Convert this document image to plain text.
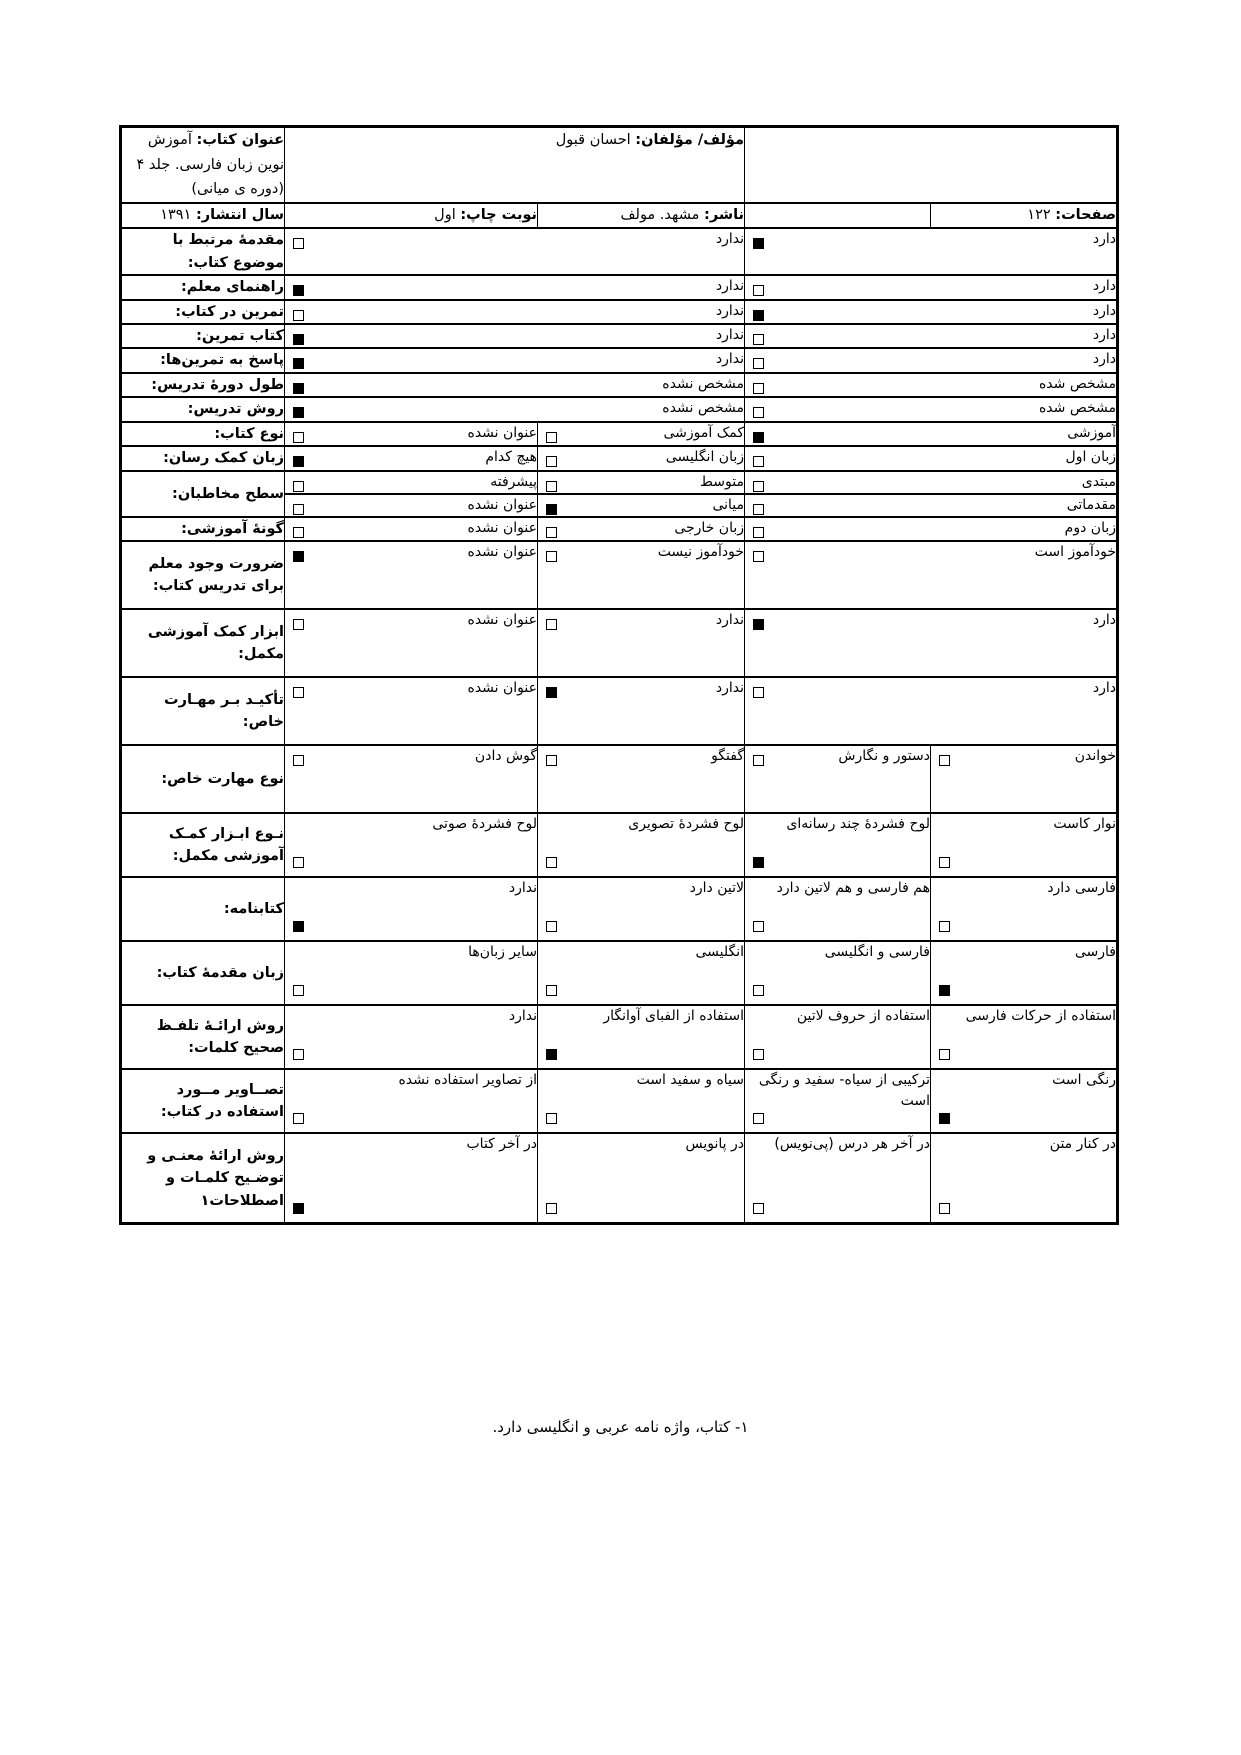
		مؤلف/ مؤلفان: احسان قبول		عنوان کتاب: آموزش نوین زبان فارسی. جلد ۴ (دوره ی میانی)
صفحات: ۱۲۲		ناشر: مشهد. مولف	نوبت چاپ: اول	سال انتشار: ۱۳۹۱

دارد		ندارد		مقدمۀ مرتبط با موضوع کتاب:

دارد		ندارد		راهنمای معلم:

دارد		ندارد		تمرین در کتاب:

دارد		ندارد		کتاب تمرین:

دارد		ندارد		پاسخ به تمرین‌ها:

مشخص شده		مشخص نشده		طول دورۀ تدریس:

مشخص شده		مشخص نشده		روش تدریس:

آموزشی		کمک آموزشی	عنوان نشده	نوع کتاب:

زبان اول		زبان انگلیسی	هیچ کدام	زبان کمک رسان:

مبتدی		متوسط	پیشرفته	سطح مخاطبان:

مقدماتی		میانی	عنوان نشده	

زبان دوم		زبان خارجی	عنوان نشده	گونۀ آموزشی:

خودآموز است		خودآموز نیست	عنوان نشده	ضرورت وجود معلم برای تدریس کتاب:

دارد		ندارد	عنوان نشده	ابزار کمک آموزشی مکمل:

دارد		ندارد	عنوان نشده	تأکیـد بـر مهـارت خاص:

خواندن	دستور و نگارش	گفتگو	گوش دادن	نوع مهارت خاص:

نوار کاست	لوح فشردۀ چند رسانه‌ای	لوح فشردۀ تصویری	لوح فشردۀ صوتی	نـوع ابـزار کمـک آموزشی مکمل:

فارسی دارد	هم فارسی و هم لاتین دارد	لاتین دارد	ندارد	کتابنامه:

فارسی	فارسی و انگلیسی	انگلیسی	سایر زبان‌ها	زبان مقدمۀ کتاب:

استفاده از حرکات فارسی	استفاده از حروف لاتین	استفاده از الفبای آوانگار	ندارد	روش ارائـۀ تلفـظ صحیح کلمات:

رنگی است	ترکیبی از سیاه- سفید و رنگی است	سیاه و سفید است	از تصاویر استفاده نشده	تصــاویر مــورد استفاده در کتاب:

در کنار متن	در آخر هر درس (پی‌نویس)	در پانویس	در آخر کتاب	روش ارائۀ معنـی و توضـیح کلمـات و اصطلاحات۱
۱- کتاب، واژه نامه عربی و انگلیسی دارد.
